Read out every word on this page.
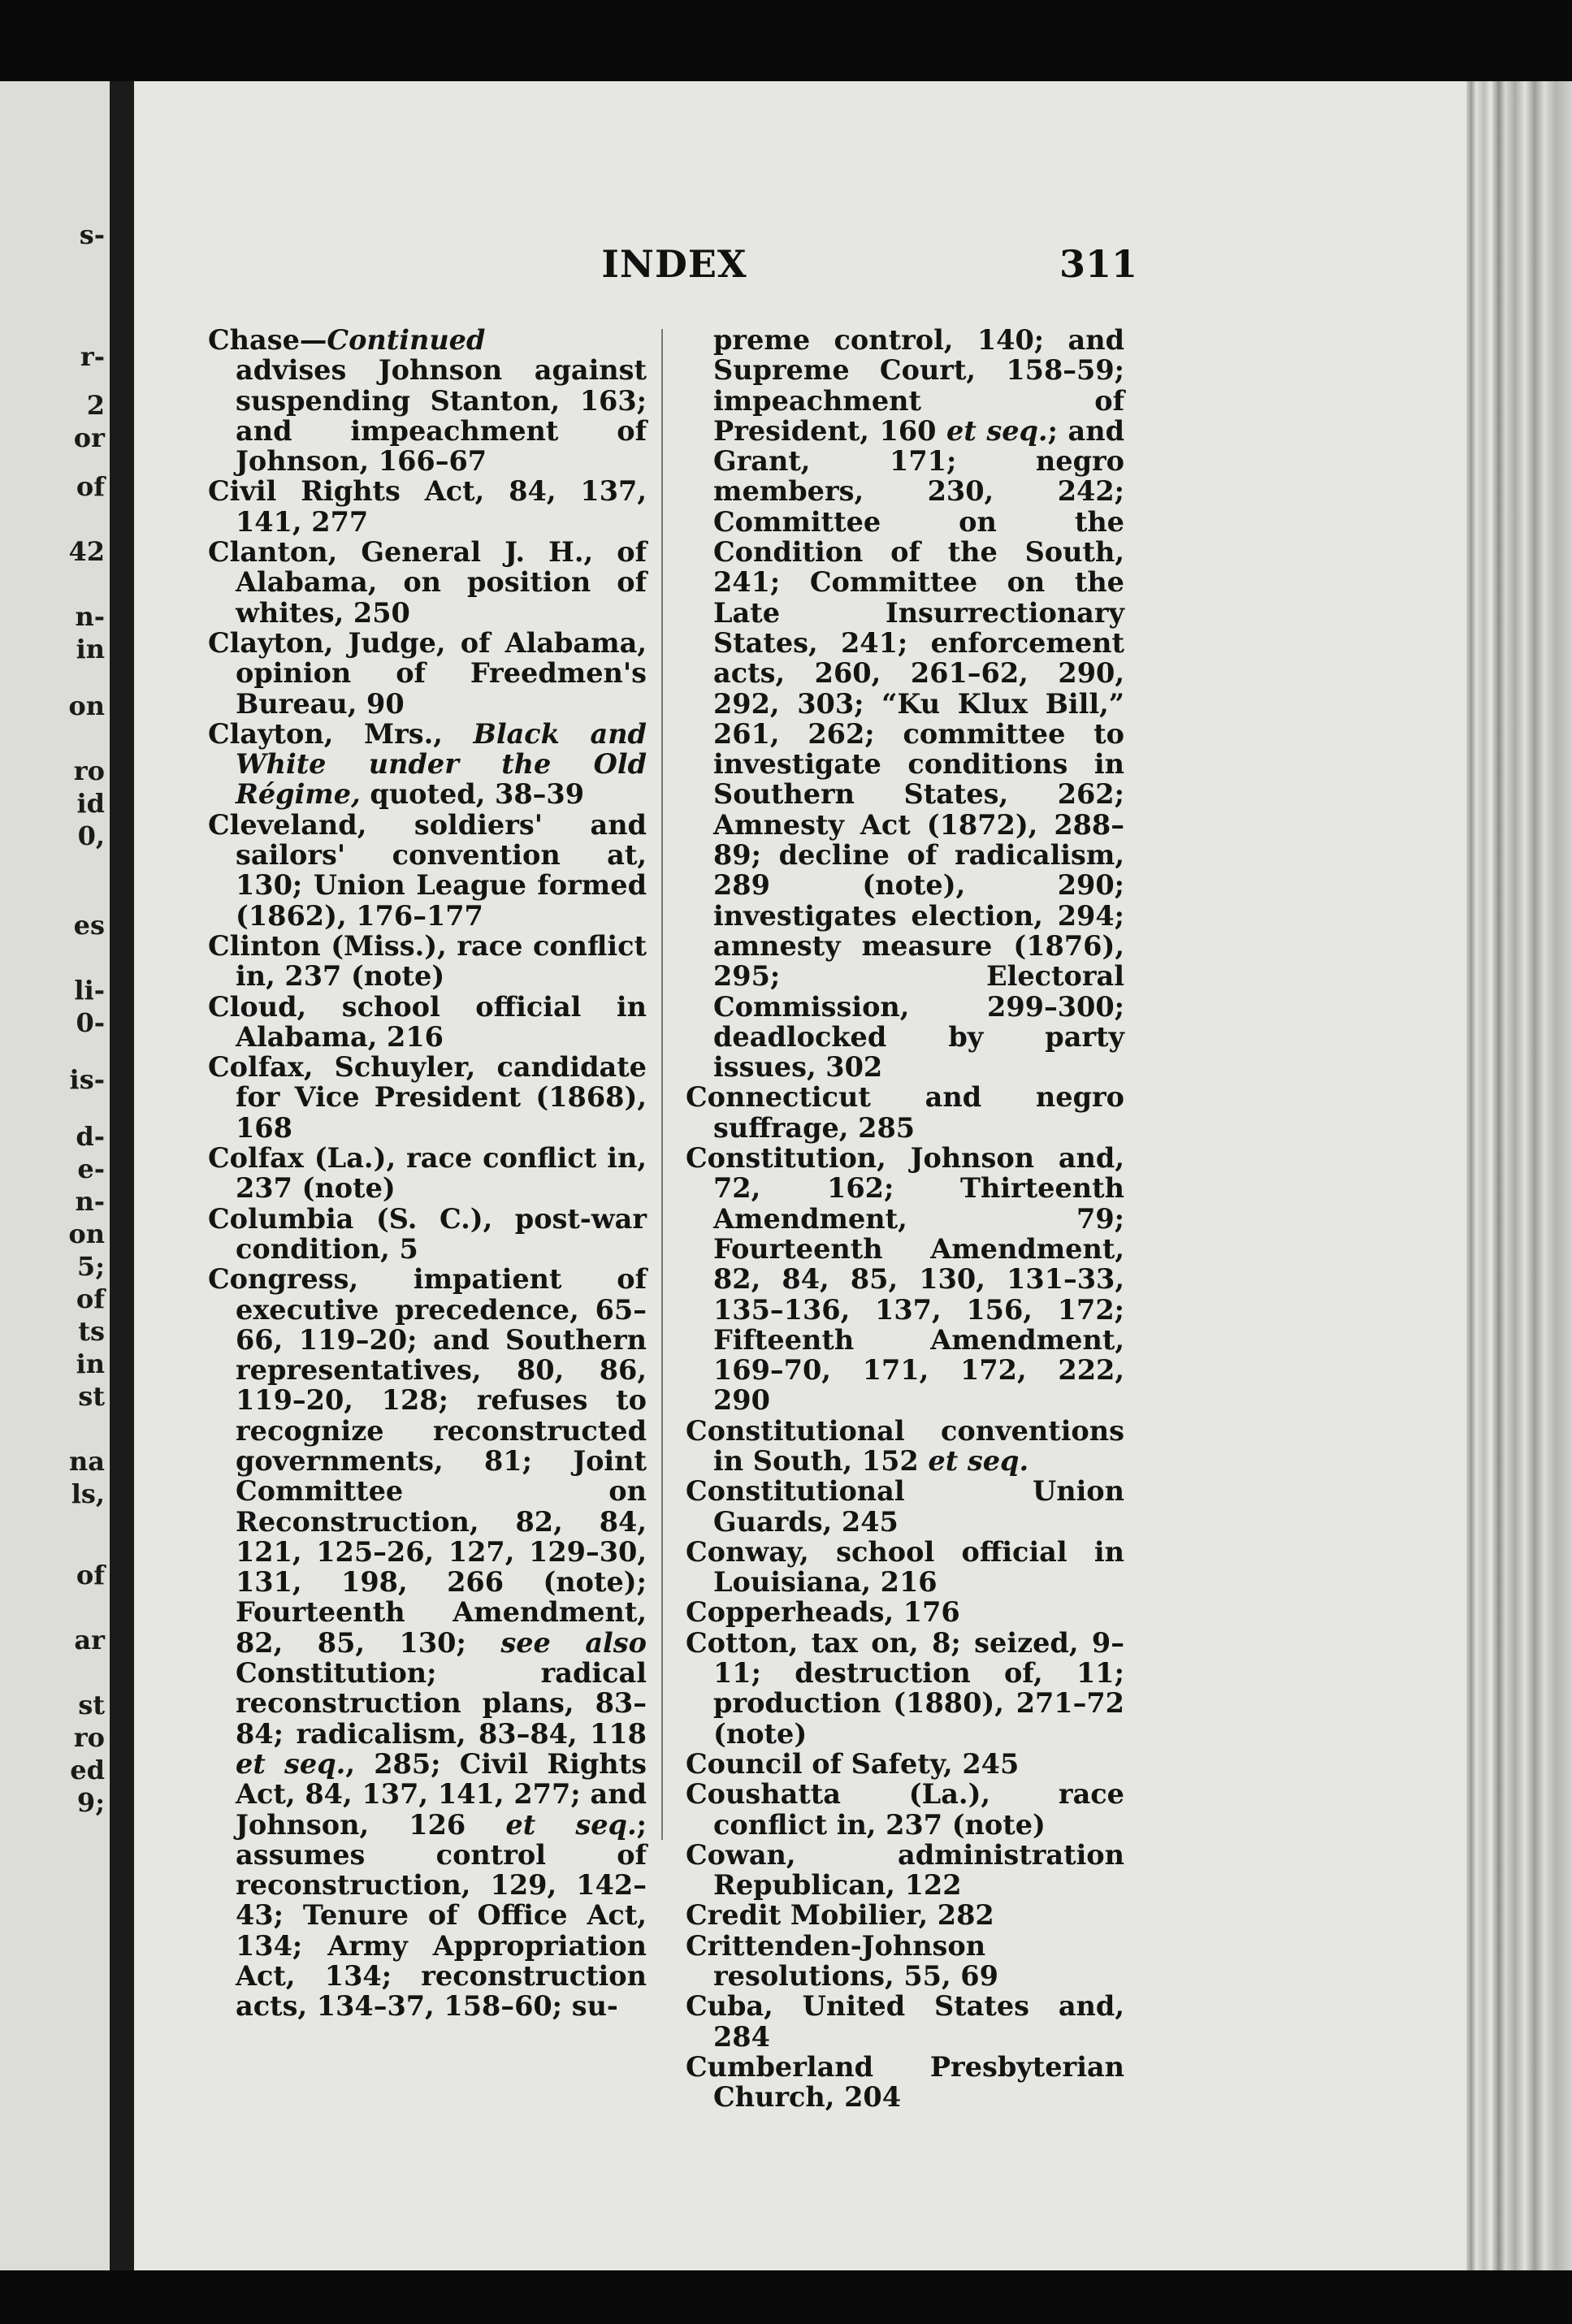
s-
r-
2
or
of
42
n-
in
on
ro
id
0,
es
li-
0-
is-
d-
e-
n-
on
5;
of
ts
in
st
na
ls,
of
ar
st
ro
ed
9;
INDEX	311

Chase—Continued

advises Johnson against suspending Stanton, 163; and impeachment of Johnson, 166–67

Civil Rights Act, 84, 137, 141, 277

Clanton, General J. H., of Alabama, on position of whites, 250

Clayton, Judge, of Alabama, opinion of Freedmen's Bureau, 90

Clayton, Mrs., Black and White under the Old Régime, quoted, 38–39

Cleveland, soldiers' and sailors' convention at, 130; Union League formed (1862), 176–177

Clinton (Miss.), race conflict in, 237 (note)

Cloud, school official in Alabama, 216

Colfax, Schuyler, candidate for Vice President (1868), 168

Colfax (La.), race conflict in, 237 (note)

Columbia (S. C.), post-war condition, 5

Congress, impatient of executive precedence, 65–66, 119–20; and Southern representatives, 80, 86, 119–20, 128; refuses to recognize reconstructed governments, 81; Joint Committee on Reconstruction, 82, 84, 121, 125–26, 127, 129–30, 131, 198, 266 (note); Fourteenth Amendment, 82, 85, 130; see also Constitution; radical reconstruction plans, 83–84; radicalism, 83–84, 118 et seq., 285; Civil Rights Act, 84, 137, 141, 277; and Johnson, 126 et seq.; assumes control of reconstruction, 129, 142–43; Tenure of Office Act, 134; Army Appropriation Act, 134; reconstruction acts, 134–37, 158–60; su-

preme control, 140; and Supreme Court, 158–59; impeachment of President, 160 et seq.; and Grant, 171; negro members, 230, 242; Committee on the Condition of the South, 241; Committee on the Late Insurrectionary States, 241; enforcement acts, 260, 261–62, 290, 292, 303; “Ku Klux Bill,” 261, 262; committee to investigate conditions in Southern States, 262; Amnesty Act (1872), 288–89; decline of radicalism, 289 (note), 290; investigates election, 294; amnesty measure (1876), 295; Electoral Commission, 299–300; deadlocked by party issues, 302

Connecticut and negro suffrage, 285

Constitution, Johnson and, 72, 162; Thirteenth Amendment, 79; Fourteenth Amendment, 82, 84, 85, 130, 131–33, 135–136, 137, 156, 172; Fifteenth Amendment, 169–70, 171, 172, 222, 290

Constitutional conventions in South, 152 et seq.

Constitutional Union Guards, 245

Conway, school official in Louisiana, 216

Copperheads, 176

Cotton, tax on, 8; seized, 9–11; destruction of, 11; production (1880), 271–72 (note)

Council of Safety, 245

Coushatta (La.), race conflict in, 237 (note)

Cowan, administration Republican, 122

Credit Mobilier, 282

Crittenden-Johnson resolutions, 55, 69

Cuba, United States and, 284

Cumberland Presbyterian Church, 204
